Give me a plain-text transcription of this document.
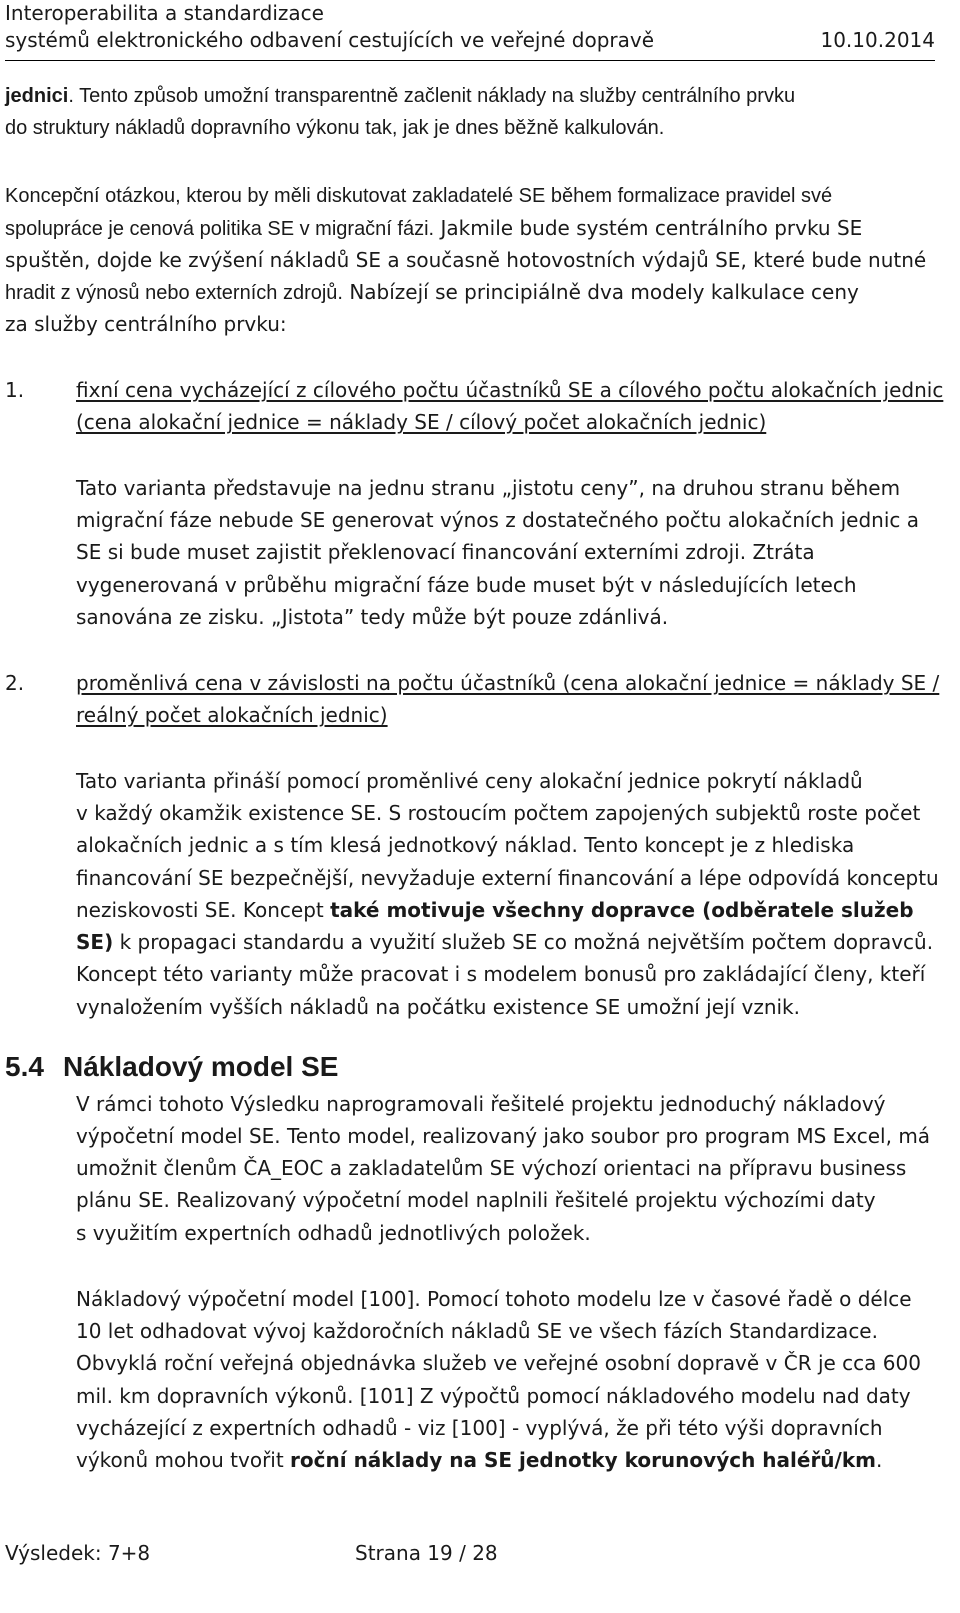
Interoperabilita a standardizace
systémů elektronického odbavení cestujících ve veřejné dopravě	10.10.2014
jednici. Tento způsob umožní transparentně začlenit náklady na služby centrálního prvku
do struktury nákladů dopravního výkonu tak, jak je dnes běžně kalkulován.
Koncepční otázkou, kterou by měli diskutovat zakladatelé SE během formalizace pravidel své
spolupráce je cenová politika SE v migrační fázi. Jakmile bude systém centrálního prvku SE
spuštěn, dojde ke zvýšení nákladů SE a současně hotovostních výdajů SE, které bude nutné
hradit z výnosů nebo externích zdrojů. Nabízejí se principiálně dva modely kalkulace ceny
za služby centrálního prvku:
1.	fixní cena vycházející z cílového počtu účastníků SE a cílového počtu alokačních jednic
(cena alokační jednice = náklady SE / cílový počet alokačních jednic)
Tato varianta představuje na jednu stranu „jistotu ceny”, na druhou stranu během
migrační fáze nebude SE generovat výnos z dostatečného počtu alokačních jednic a
SE si bude muset zajistit překlenovací financování externími zdroji. Ztráta
vygenerovaná v průběhu migrační fáze bude muset být v následujících letech
sanována ze zisku. „Jistota” tedy může být pouze zdánlivá.
2.	proměnlivá cena v závislosti na počtu účastníků (cena alokační jednice = náklady SE /
reálný počet alokačních jednic)
Tato varianta přináší pomocí proměnlivé ceny alokační jednice pokrytí nákladů
v každý okamžik existence SE. S rostoucím počtem zapojených subjektů roste počet
alokačních jednic a s tím klesá jednotkový náklad. Tento koncept je z hlediska
financování SE bezpečnější, nevyžaduje externí financování a lépe odpovídá konceptu
neziskovosti SE. Koncept také motivuje všechny dopravce (odběratele služeb
SE) k propagaci standardu a využití služeb SE co možná největším počtem dopravců.
Koncept této varianty může pracovat i s modelem bonusů pro zakládající členy, kteří
vynaložením vyšších nákladů na počátku existence SE umožní její vznik.
5.4 Nákladový model SE
V rámci tohoto Výsledku naprogramovali řešitelé projektu jednoduchý nákladový
výpočetní model SE. Tento model, realizovaný jako soubor pro program MS Excel, má
umožnit členům ČA_EOC a zakladatelům SE výchozí orientaci na přípravu business
plánu SE. Realizovaný výpočetní model naplnili řešitelé projektu výchozími daty
s využitím expertních odhadů jednotlivých položek.
Nákladový výpočetní model [100]. Pomocí tohoto modelu lze v časové řadě o délce
10 let odhadovat vývoj každoročních nákladů SE ve všech fázích Standardizace.
Obvyklá roční veřejná objednávka služeb ve veřejné osobní dopravě v ČR je cca 600
mil. km dopravních výkonů. [101] Z výpočtů pomocí nákladového modelu nad daty
vycházející z expertních odhadů - viz [100] - vyplývá, že při této výši dopravních
výkonů mohou tvořit roční náklady na SE jednotky korunových haléřů/km.
Výsledek: 7+8	Strana 19 / 28
